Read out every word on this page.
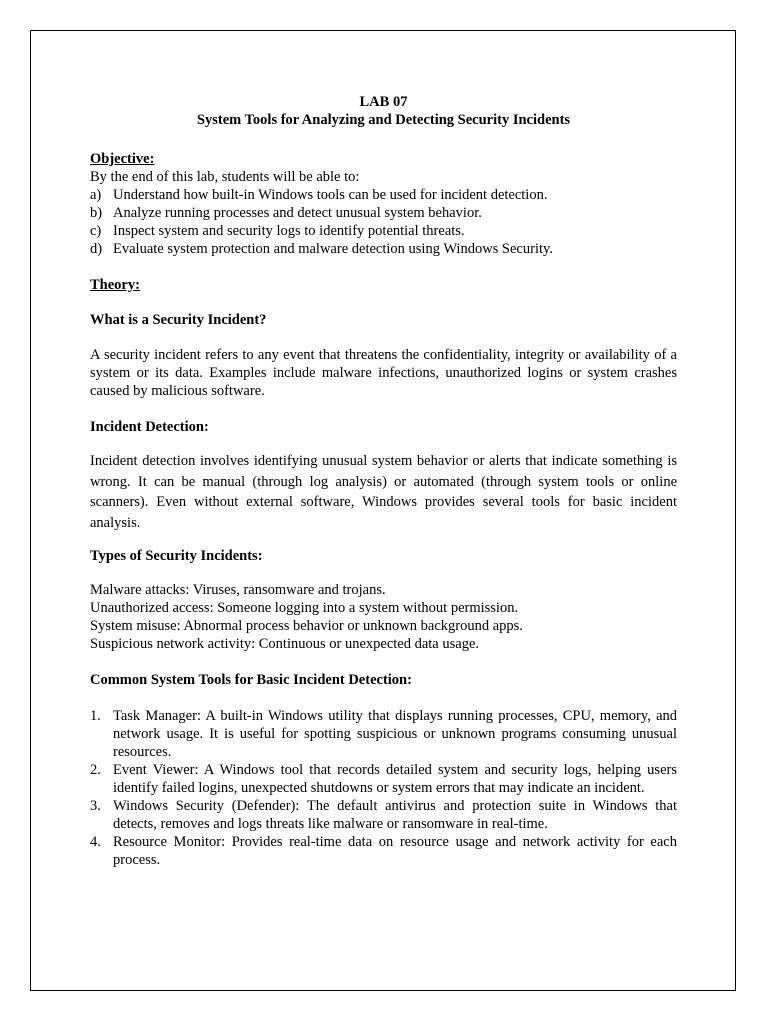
LAB 07

System Tools for Analyzing and Detecting Security Incidents

Objective:

By the end of this lab, students will be able to:

a) Understand how built-in Windows tools can be used for incident detection.
b) Analyze running processes and detect unusual system behavior.
c) Inspect system and security logs to identify potential threats.
d) Evaluate system protection and malware detection using Windows Security.

Theory:

What is a Security Incident?

A security incident refers to any event that threatens the confidentiality, integrity or availability of a system or its data. Examples include malware infections, unauthorized logins or system crashes caused by malicious software.

Incident Detection:

Incident detection involves identifying unusual system behavior or alerts that indicate something is wrong. It can be manual (through log analysis) or automated (through system tools or online scanners). Even without external software, Windows provides several tools for basic incident analysis.

Types of Security Incidents:

Malware attacks: Viruses, ransomware and trojans.

Unauthorized access: Someone logging into a system without permission.

System misuse: Abnormal process behavior or unknown background apps.

Suspicious network activity: Continuous or unexpected data usage.

Common System Tools for Basic Incident Detection:

1. Task Manager: A built-in Windows utility that displays running processes, CPU, memory, and network usage. It is useful for spotting suspicious or unknown programs consuming unusual resources.
2. Event Viewer: A Windows tool that records detailed system and security logs, helping users identify failed logins, unexpected shutdowns or system errors that may indicate an incident.
3. Windows Security (Defender): The default antivirus and protection suite in Windows that detects, removes and logs threats like malware or ransomware in real-time.
4. Resource Monitor: Provides real-time data on resource usage and network activity for each process.
